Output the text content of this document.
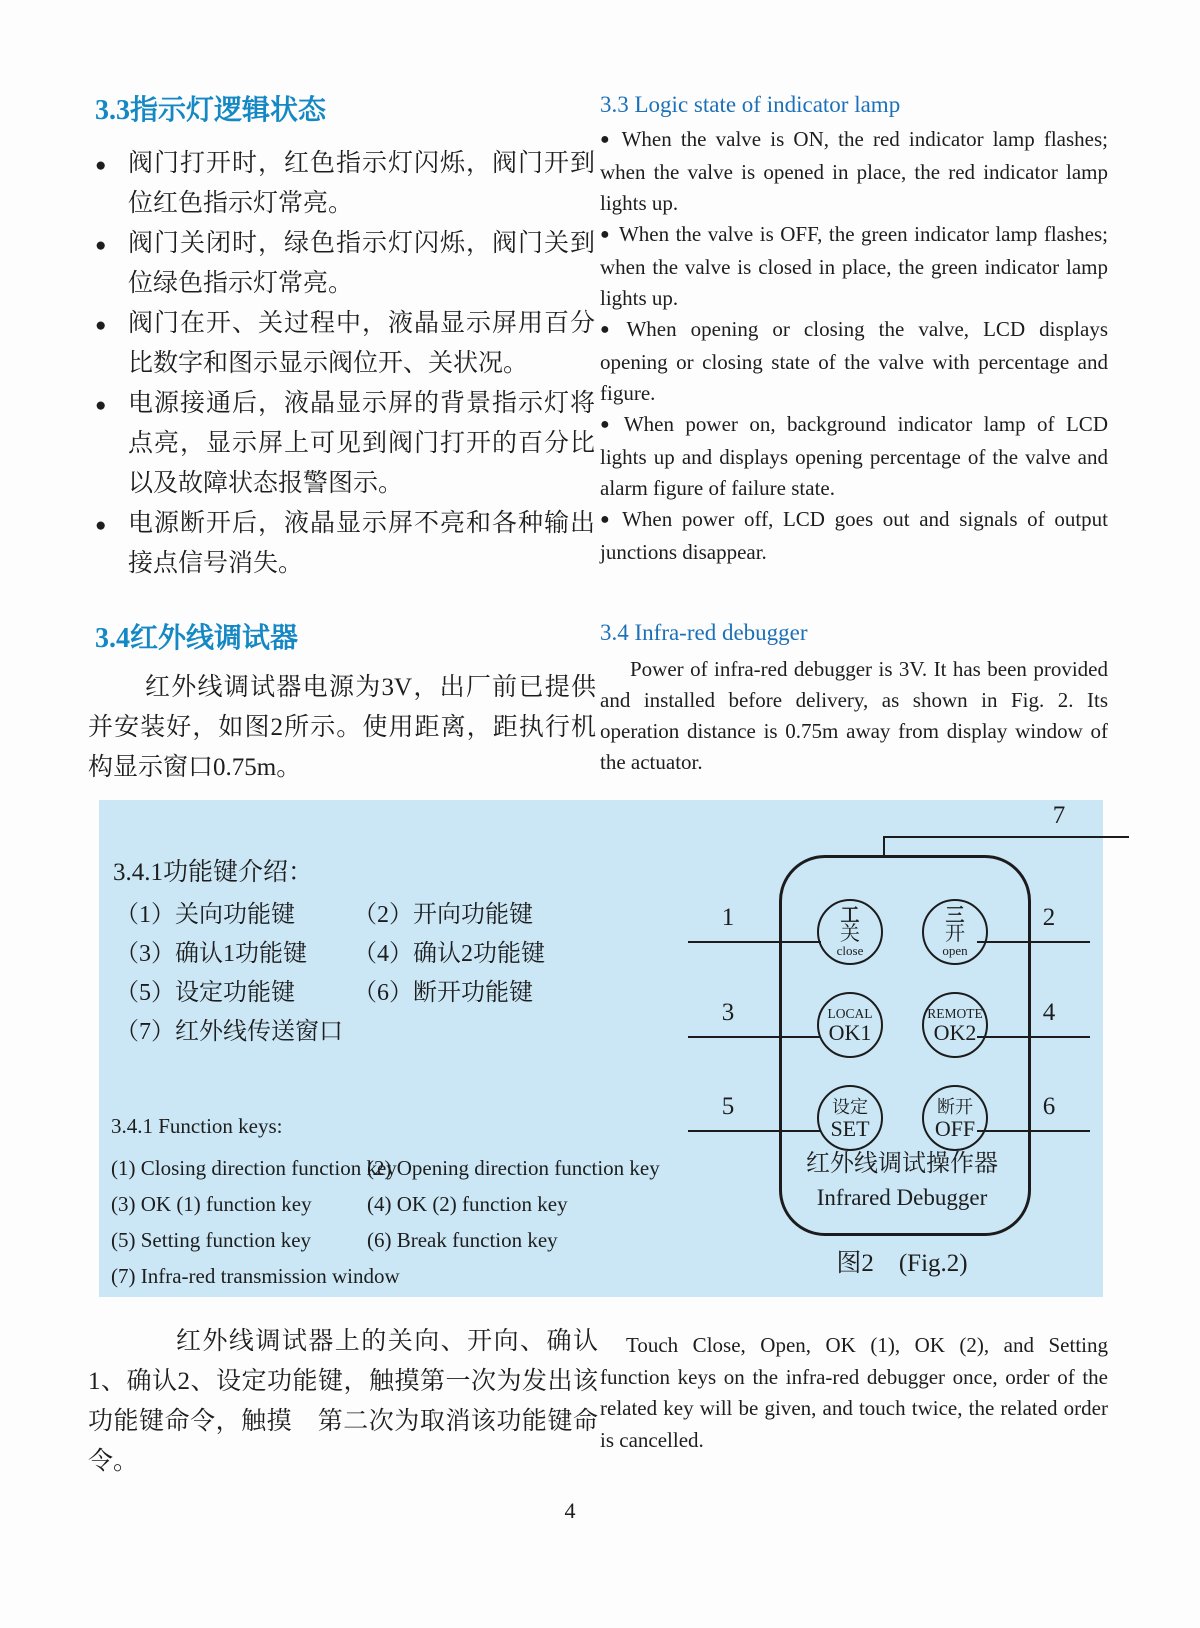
3.3指示灯逻辑状态
● 阀门打开时，红色指示灯闪烁，阀门开到位红色指示灯常亮。
● 阀门关闭时，绿色指示灯闪烁，阀门关到位绿色指示灯常亮。
● 阀门在开、关过程中，液晶显示屏用百分比数字和图示显示阀位开、关状况。
● 电源接通后，液晶显示屏的背景指示灯将点亮，显示屏上可见到阀门打开的百分比以及故障状态报警图示。
● 电源断开后，液晶显示屏不亮和各种输出接点信号消失。
3.3 Logic state of indicator lamp

● When the valve is ON, the red indicator lamp flashes; when the valve is opened in place, the red indicator lamp lights up.

● When the valve is OFF, the green indicator lamp flashes; when the valve is closed in place, the green indicator lamp lights up.

● When opening or closing the valve, LCD displays opening or closing state of the valve with percentage and figure.

● When power on, background indicator lamp of LCD lights up and displays opening percentage of the valve and alarm figure of failure state.

● When power off, LCD goes out and signals of output junctions disappear.

3.4红外线调试器

红外线调试器电源为3V，出厂前已提供并安装好，如图2所示。使用距离，距执行机构显示窗口0.75m。

3.4 Infra-red debugger

Power of infra-red debugger is 3V. It has been provided and installed before delivery, as shown in Fig. 2. Its operation distance is 0.75m away from display window of the actuator.

3.4.1功能键介绍：
（1）关向功能键 （2）开向功能键
（3）确认1功能键 （4）确认2功能键
（5）设定功能键 （6）断开功能键
（7）红外线传送窗口
3.4.1 Function keys:
(1) Closing direction function key(2) Opening direction function key
(3) OK (1) function key	(4) OK (2) function key
(5) Setting function key	(6) Break function key
(7) Infra-red transmission window
7
1	2
3	4
5	6
工
关
close
三
开
open
LOCAL
OK1
REMOTE
OK2
设定
SET
断开
OFF
红外线调试操作器
Infrared Debugger
图2　(Fig.2)

红外线调试器上的关向、开向、确认1、确认2、设定功能键，触摸第一次为发出该功能键命令，触摸　第二次为取消该功能键命令。

Touch Close, Open, OK (1), OK (2), and Setting function keys on the infra-red debugger once, order of the related key will be given, and touch twice, the related order is cancelled.

4
